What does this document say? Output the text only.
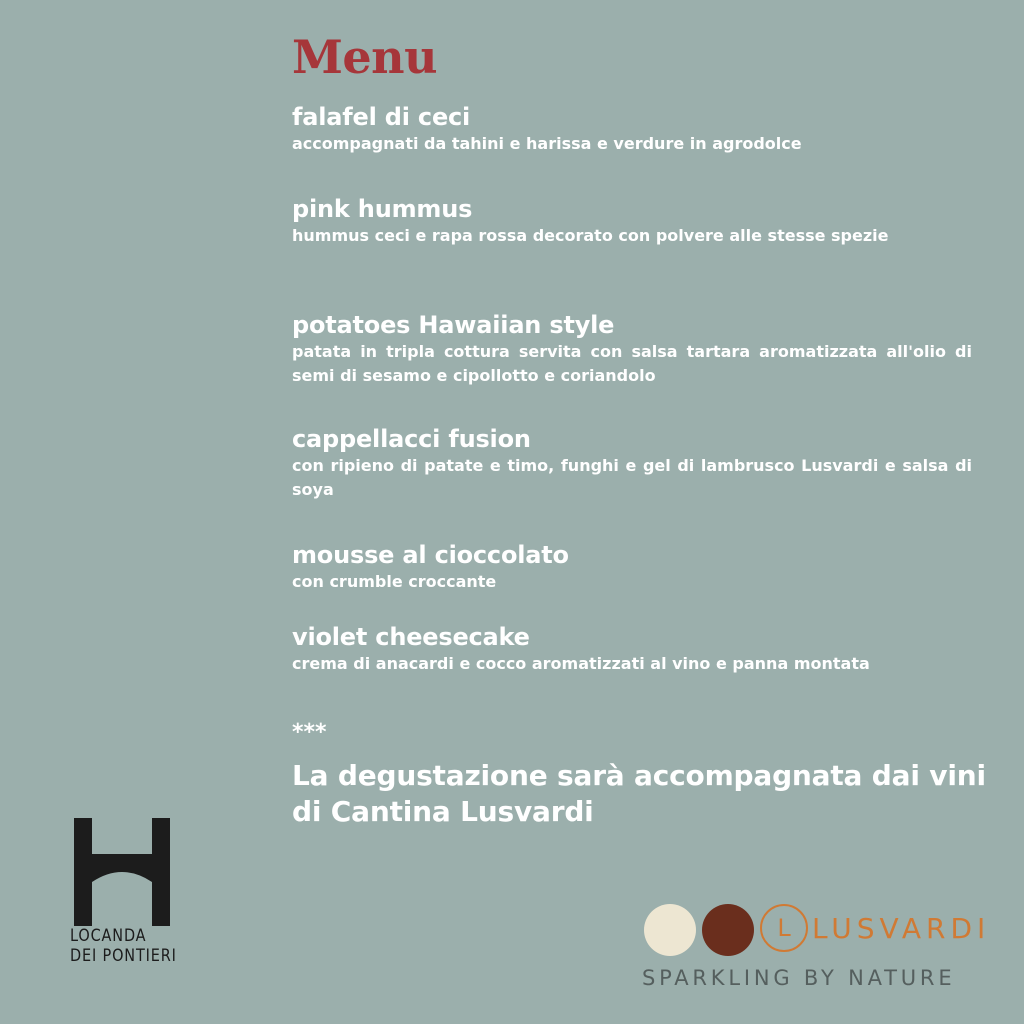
Menu
falafel di ceci
accompagnati da tahini e harissa e verdure in agrodolce
pink hummus
hummus ceci e rapa rossa decorato con polvere alle stesse spezie
potatoes Hawaiian style
patata in tripla cottura servita con salsa tartara aromatizzata all'olio di semi di sesamo e cipollotto e coriandolo
cappellacci fusion
con ripieno di patate e timo, funghi e gel di lambrusco Lusvardi e salsa di soya
mousse al cioccolato
con crumble croccante
violet cheesecake
crema di anacardi e cocco aromatizzati al vino e panna montata
***
La degustazione sarà accompagnata dai vini di Cantina Lusvardi
LOCANDA
DEI PONTIERI
L LUSVARDI
SPARKLING BY NATURE
